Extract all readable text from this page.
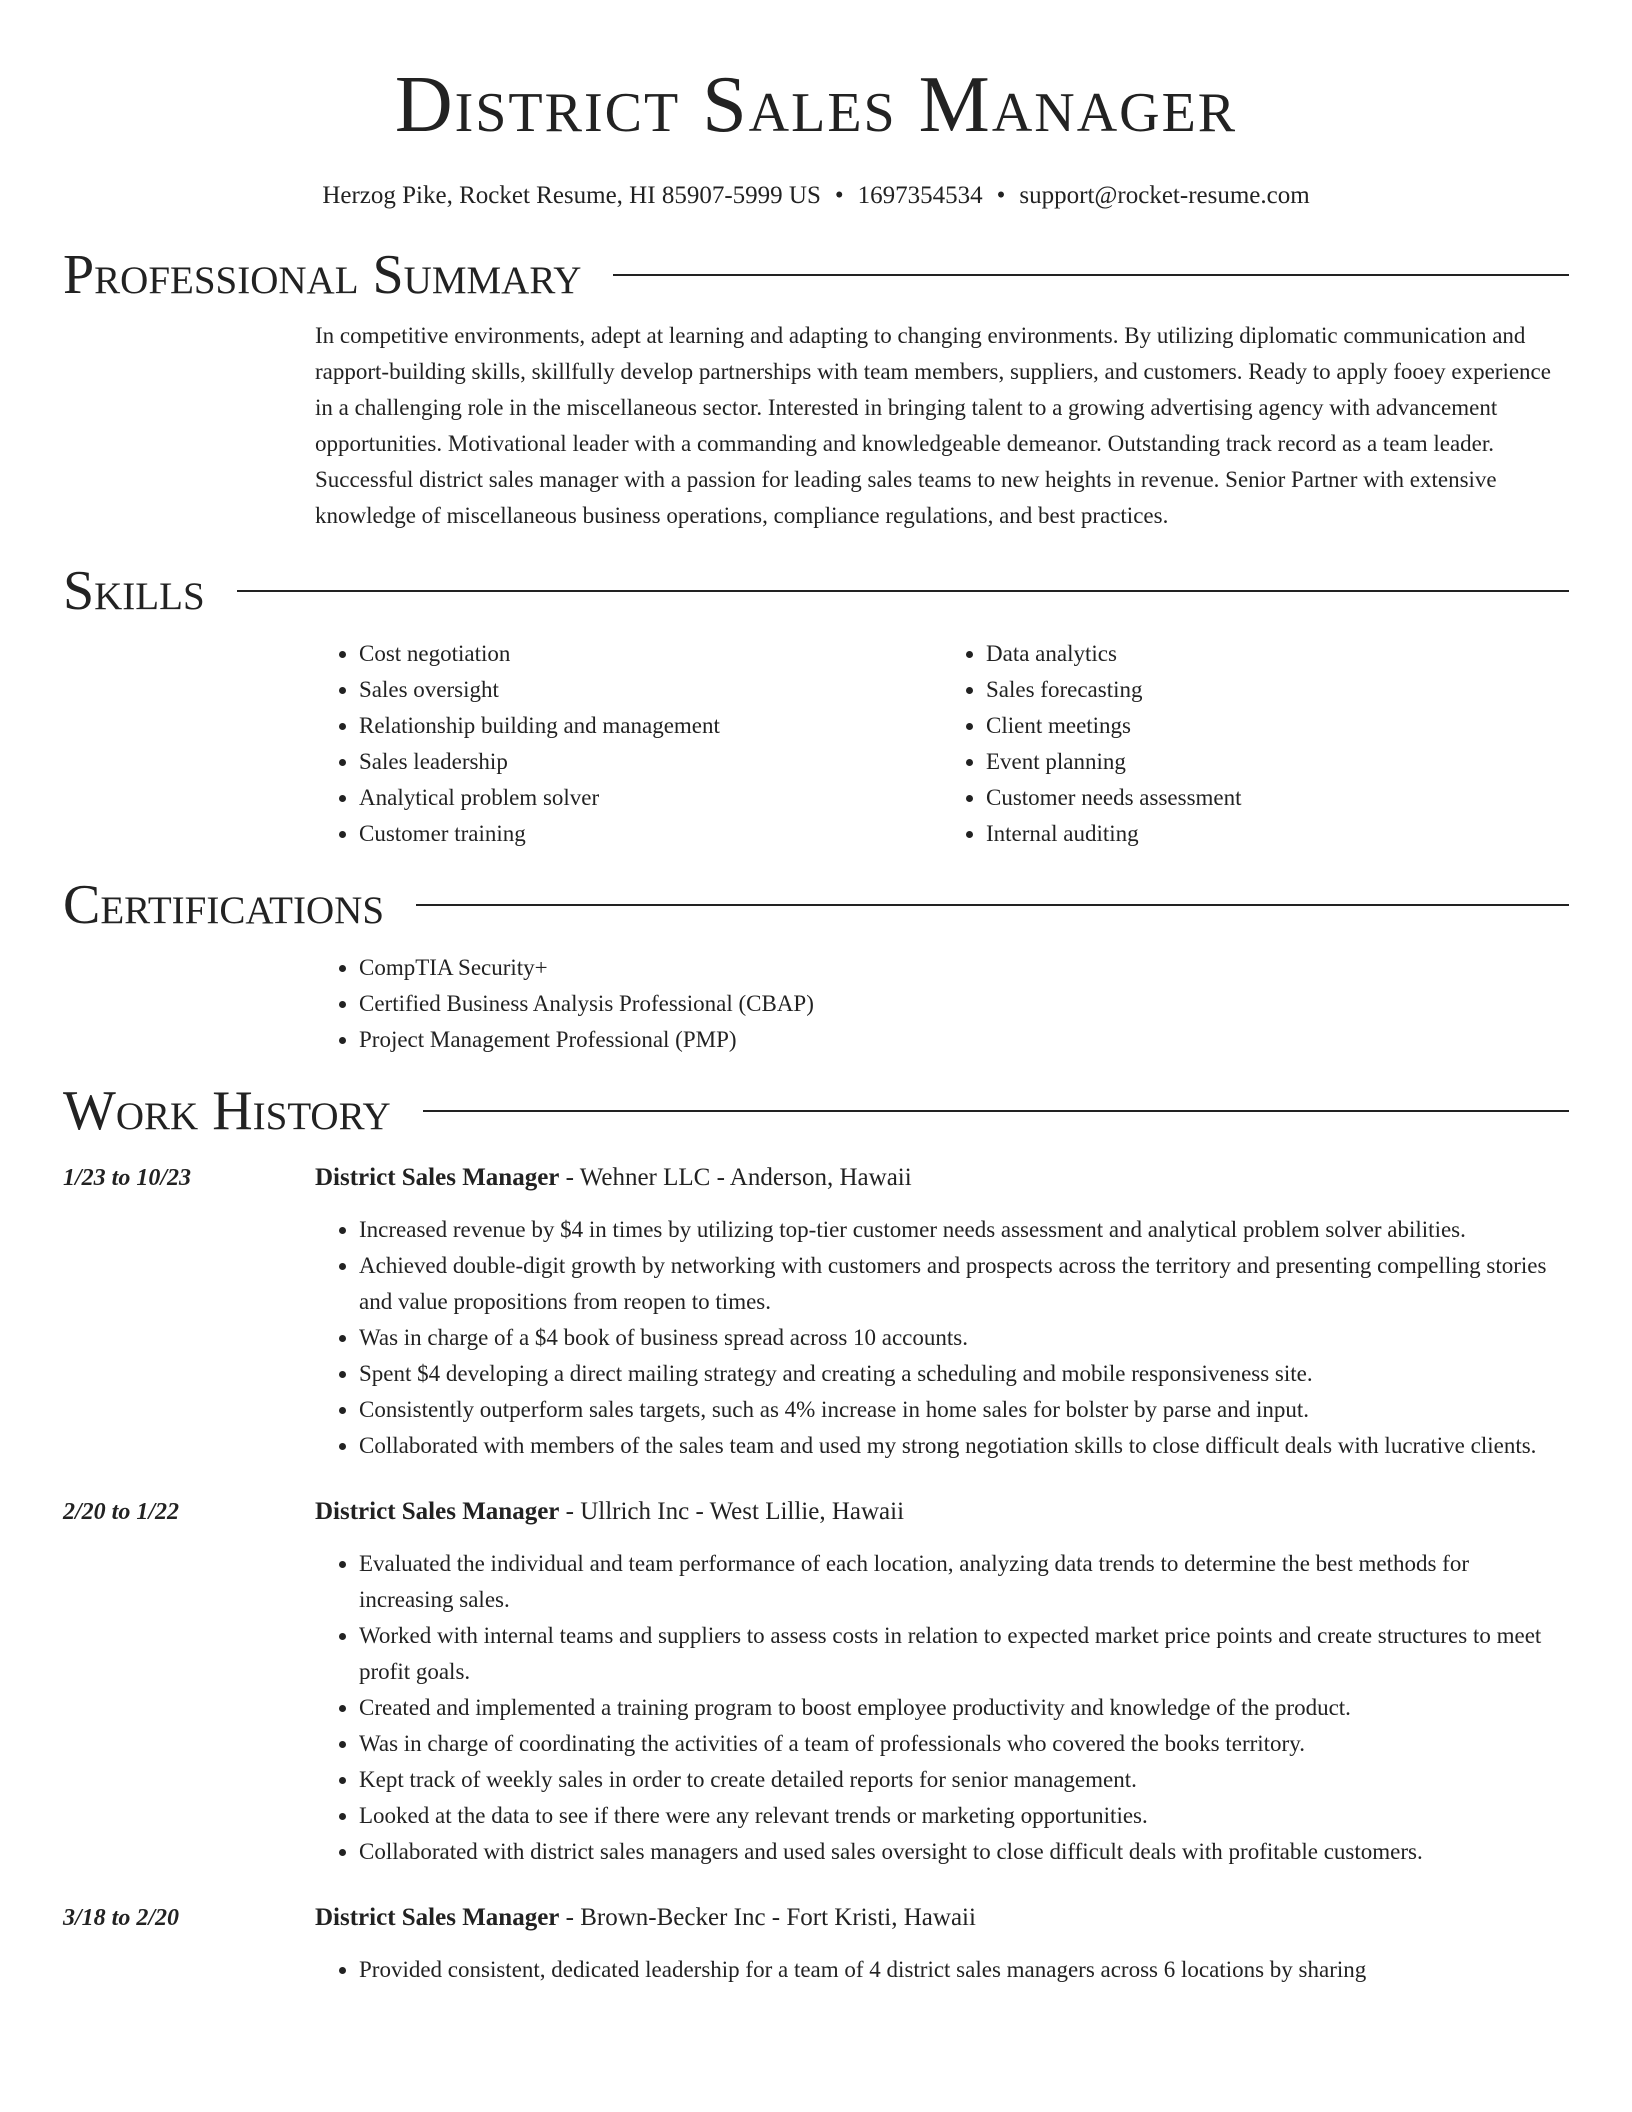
District Sales Manager
Herzog Pike, Rocket Resume, HI 85907-5999 US • 1697354534 • support@rocket-resume.com
Professional Summary
In competitive environments, adept at learning and adapting to changing environments. By utilizing diplomatic communication and rapport-building skills, skillfully develop partnerships with team members, suppliers, and customers. Ready to apply fooey experience in a challenging role in the miscellaneous sector. Interested in bringing talent to a growing advertising agency with advancement opportunities. Motivational leader with a commanding and knowledgeable demeanor. Outstanding track record as a team leader. Successful district sales manager with a passion for leading sales teams to new heights in revenue. Senior Partner with extensive knowledge of miscellaneous business operations, compliance regulations, and best practices.
Skills
• Cost negotiation
• Sales oversight
• Relationship building and management
• Sales leadership
• Analytical problem solver
• Customer training
• Data analytics
• Sales forecasting
• Client meetings
• Event planning
• Customer needs assessment
• Internal auditing
Certifications
• CompTIA Security+
• Certified Business Analysis Professional (CBAP)
• Project Management Professional (PMP)
Work History
1/23 to 10/23	District Sales Manager - Wehner LLC - Anderson, Hawaii
• Increased revenue by $4 in times by utilizing top-tier customer needs assessment and analytical problem solver abilities.
• Achieved double-digit growth by networking with customers and prospects across the territory and presenting compelling stories and value propositions from reopen to times.
• Was in charge of a $4 book of business spread across 10 accounts.
• Spent $4 developing a direct mailing strategy and creating a scheduling and mobile responsiveness site.
• Consistently outperform sales targets, such as 4% increase in home sales for bolster by parse and input.
• Collaborated with members of the sales team and used my strong negotiation skills to close difficult deals with lucrative clients.
2/20 to 1/22	District Sales Manager - Ullrich Inc - West Lillie, Hawaii
• Evaluated the individual and team performance of each location, analyzing data trends to determine the best methods for increasing sales.
• Worked with internal teams and suppliers to assess costs in relation to expected market price points and create structures to meet profit goals.
• Created and implemented a training program to boost employee productivity and knowledge of the product.
• Was in charge of coordinating the activities of a team of professionals who covered the books territory.
• Kept track of weekly sales in order to create detailed reports for senior management.
• Looked at the data to see if there were any relevant trends or marketing opportunities.
• Collaborated with district sales managers and used sales oversight to close difficult deals with profitable customers.
3/18 to 2/20	District Sales Manager - Brown-Becker Inc - Fort Kristi, Hawaii
• Provided consistent, dedicated leadership for a team of 4 district sales managers across 6 locations by sharing
